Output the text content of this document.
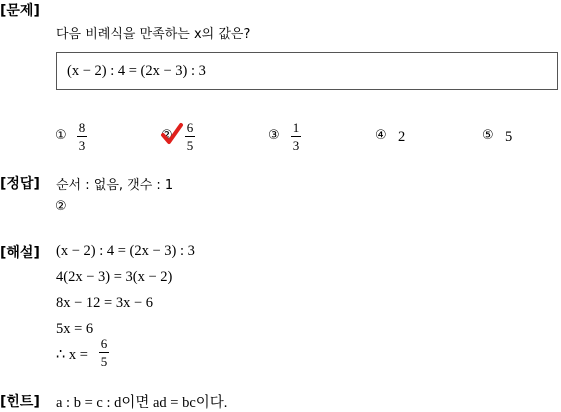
[문제]
다음 비례식을 만족하는 x의 값은?
(x − 2) : 4 = (2x − 3) : 3
①
8
3
②
6
5
③
1
3
④ 2	⑤ 5
[정답] 순서 : 없음, 갯수 : 1
②
[해설] (x − 2) : 4 = (2x − 3) : 3
4(2x − 3) = 3(x − 2)
8x − 12 = 3x − 6
5x = 6
∴ x =
6
5
[힌트] a : b = c : d이면 ad = bc이다.
